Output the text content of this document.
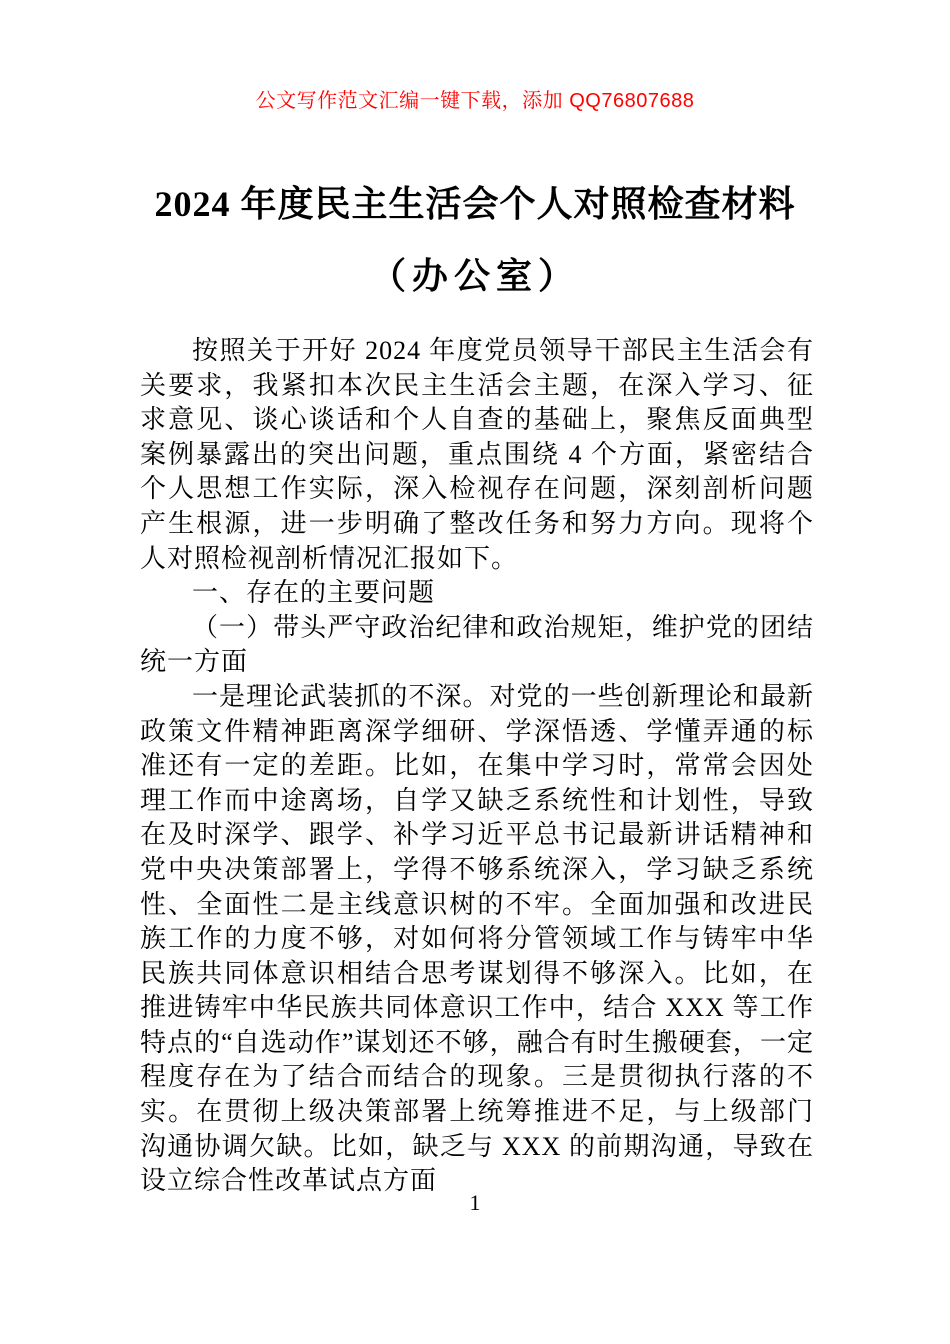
公文写作范文汇编一键下载，添加 QQ76807688
2024 年度民主生活会个人对照检查材料
（办公室）

按照关于开好 2024 年度党员领导干部民主生活会有关要求，我紧扣本次民主生活会主题，在深入学习、征求意见、谈心谈话和个人自查的基础上，聚焦反面典型案例暴露出的突出问题，重点围绕 4 个方面，紧密结合个人思想工作实际，深入检视存在问题，深刻剖析问题产生根源，进一步明确了整改任务和努力方向。现将个人对照检视剖析情况汇报如下。

一、存在的主要问题

（一）带头严守政治纪律和政治规矩，维护党的团结统一方面

一是理论武装抓的不深。对党的一些创新理论和最新政策文件精神距离深学细研、学深悟透、学懂弄通的标准还有一定的差距。比如，在集中学习时，常常会因处理工作而中途离场，自学又缺乏系统性和计划性，导致在及时深学、跟学、补学习近平总书记最新讲话精神和党中央决策部署上，学得不够系统深入，学习缺乏系统性、全面性二是主线意识树的不牢。全面加强和改进民族工作的力度不够，对如何将分管领域工作与铸牢中华民族共同体意识相结合思考谋划得不够深入。比如，在推进铸牢中华民族共同体意识工作中，结合 XXX 等工作特点的“自选动作”谋划还不够，融合有时生搬硬套，一定程度存在为了结合而结合的现象。三是贯彻执行落的不实。在贯彻上级决策部署上统筹推进不足，与上级部门沟通协调欠缺。比如，缺乏与 XXX 的前期沟通，导致在设立综合性改革试点方面

1
